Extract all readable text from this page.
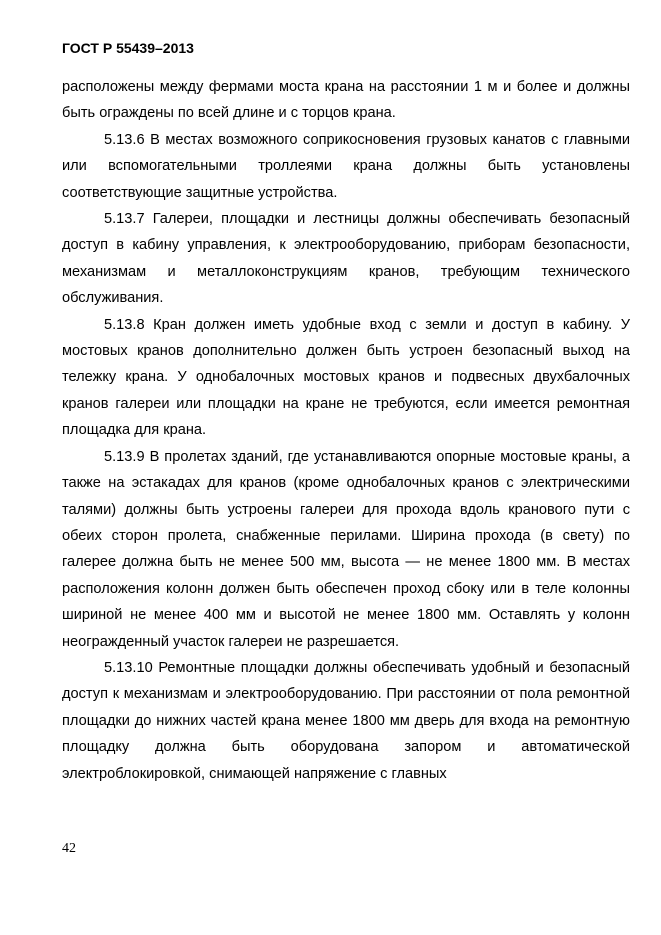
ГОСТ Р 55439–2013

расположены между фермами моста крана на расстоянии 1 м и более и должны быть ограждены по всей длине и с торцов крана.

5.13.6 В местах возможного соприкосновения грузовых канатов с главными или вспомогательными троллеями крана должны быть установлены соответствующие защитные устройства.

5.13.7 Галереи, площадки и лестницы должны обеспечивать безопасный доступ в кабину управления, к электрооборудованию, приборам безопасности, механизмам и металлоконструкциям кранов, требующим технического обслуживания.

5.13.8 Кран должен иметь удобные вход с земли и доступ в кабину. У мостовых кранов дополнительно должен быть устроен безопасный выход на тележку крана. У однобалочных мостовых кранов и подвесных двухбалочных кранов галереи или площадки на кране не требуются, если имеется ремонтная площадка для крана.

5.13.9 В пролетах зданий, где устанавливаются опорные мостовые краны, а также на эстакадах для кранов (кроме однобалочных кранов с электрическими талями) должны быть устроены галереи для прохода вдоль кранового пути с обеих сторон пролета, снабженные перилами. Ширина прохода (в свету) по галерее должна быть не менее 500 мм, высота — не менее 1800 мм. В местах расположения колонн должен быть обеспечен проход сбоку или в теле колонны шириной не менее 400 мм и высотой не менее 1800 мм. Оставлять у колонн неогражденный участок галереи не разрешается.

5.13.10 Ремонтные площадки должны обеспечивать удобный и безопасный доступ к механизмам и электрооборудованию. При расстоянии от пола ремонтной площадки до нижних частей крана менее 1800 мм дверь для входа на ремонтную площадку должна быть оборудована запором и автоматической электроблокировкой, снимающей напряжение с главных

42
